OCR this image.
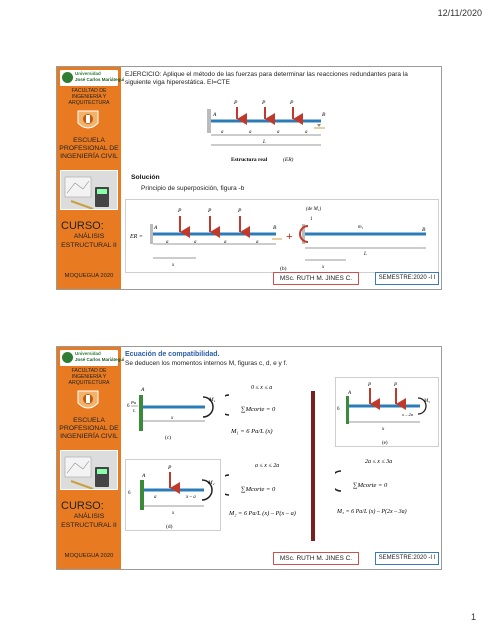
12/11/2020
Universidad
José Carlos Mariátegui
FACULTAD DE INGENIERÍA Y ARQUITECTURA
ESCUELA PROFESIONAL DE INGENIERÍA CIVIL
CURSO:
ANÁLISIS ESTRUCTURAL II
MOQUEGUA 2020
EJERCICIO: Aplique el método de las fuerzas para determinar las reacciones redundantes para la siguiente viga hiperestática. EI=CTE
P	P	P
A	B
a	a	a	a
L
Estructura real	(ER)
Solución
Principio de superposición, figura -b
ER =
P	P	P
A	B
a	a	a	a
x
+
(de M₁)
1
m₁	B
L
x
(b)
MSc. RUTH M. JINES C.	SEMESTRE:2020 -I I
Universidad
José Carlos Mariátegui
FACULTAD DE INGENIERÍA Y ARQUITECTURA
ESCUELA PROFESIONAL DE INGENIERÍA CIVIL
CURSO:
ANÁLISIS ESTRUCTURAL II
MOQUEGUA 2020
Ecuación de compatibilidad.
Se deducen los momentos internos M, figuras c, d, e y f.
A
6
Pa
L
M₁
x
(c)
0 ≤ x ≤ a
∑Mcorte = 0
M₁ = 6 Pa/L (x)
P
A
6
M₂
a	x – a
x
(d)
a ≤ x ≤ 2a
∑Mcorte = 0
M₂ = 6 Pa/L (x) – P(x – a)
P	P
A
6
M₃
x – 2a
x
(e)
2a ≤ x ≤ 3a
∑Mcorte = 0
M₃ = 6 Pa/L (x) – P(2x – 3a)
MSc. RUTH M. JINES C.	SEMESTRE:2020 -I I
1
